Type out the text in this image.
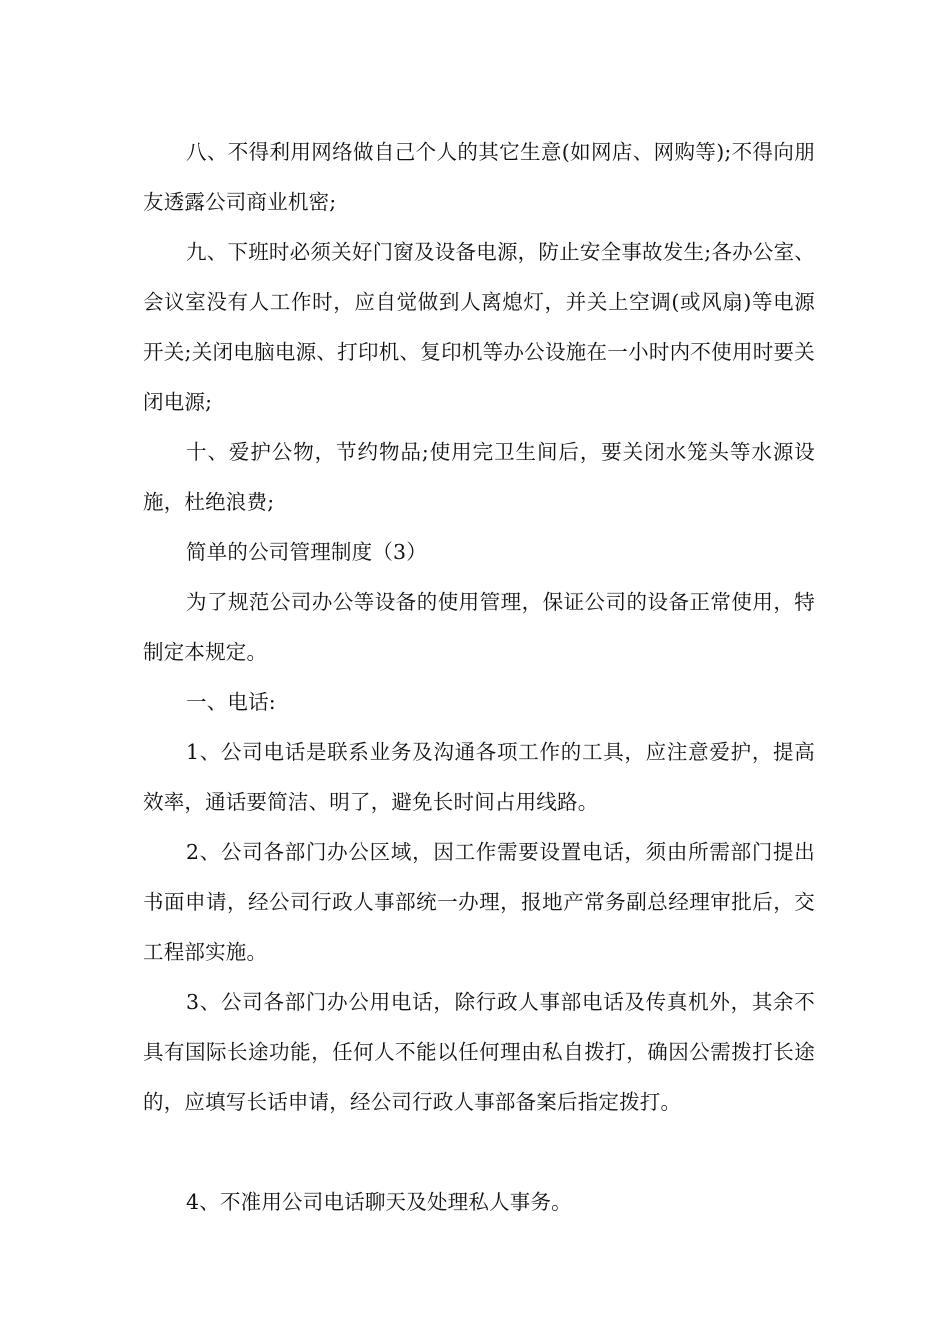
八、不得利用网络做自己个人的其它生意(如网店、网购等);不得向朋友透露公司商业机密;

九、下班时必须关好门窗及设备电源，防止安全事故发生;各办公室、会议室没有人工作时，应自觉做到人离熄灯，并关上空调(或风扇)等电源开关;关闭电脑电源、打印机、复印机等办公设施在一小时内不使用时要关闭电源;

十、爱护公物，节约物品;使用完卫生间后，要关闭水笼头等水源设施，杜绝浪费;

简单的公司管理制度（3）

为了规范公司办公等设备的使用管理，保证公司的设备正常使用，特制定本规定。

一、电话:

1、公司电话是联系业务及沟通各项工作的工具，应注意爱护，提高效率，通话要简洁、明了，避免长时间占用线路。

2、公司各部门办公区域，因工作需要设置电话，须由所需部门提出书面申请，经公司行政人事部统一办理，报地产常务副总经理审批后，交工程部实施。

3、公司各部门办公用电话，除行政人事部电话及传真机外，其余不具有国际长途功能，任何人不能以任何理由私自拨打，确因公需拨打长途的，应填写长话申请，经公司行政人事部备案后指定拨打。

4、不准用公司电话聊天及处理私人事务。
